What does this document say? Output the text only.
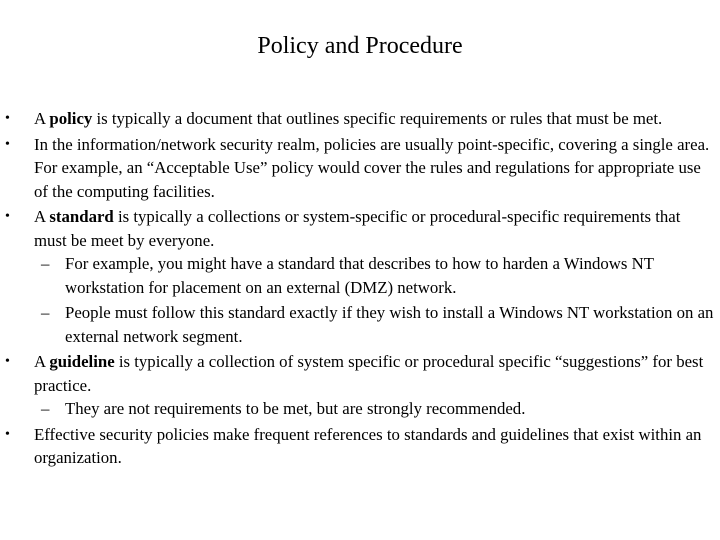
Policy and Procedure
• A policy is typically a document that outlines specific requirements or rules that must be met.
• In the information/network security realm, policies are usually point-specific, covering a single area. For example, an “Acceptable Use” policy would cover the rules and regulations for appropriate use of the computing facilities.
• A standard is typically a collections or system-specific or procedural-specific requirements that must be meet by everyone.
– For example, you might have a standard that describes to how to harden a Windows NT workstation for placement on an external (DMZ) network.
– People must follow this standard exactly if they wish to install a Windows NT workstation on an external network segment.
• A guideline is typically a collection of system specific or procedural specific “suggestions” for best practice.
– They are not requirements to be met, but are strongly recommended.
• Effective security policies make frequent references to standards and guidelines that exist within an organization.
